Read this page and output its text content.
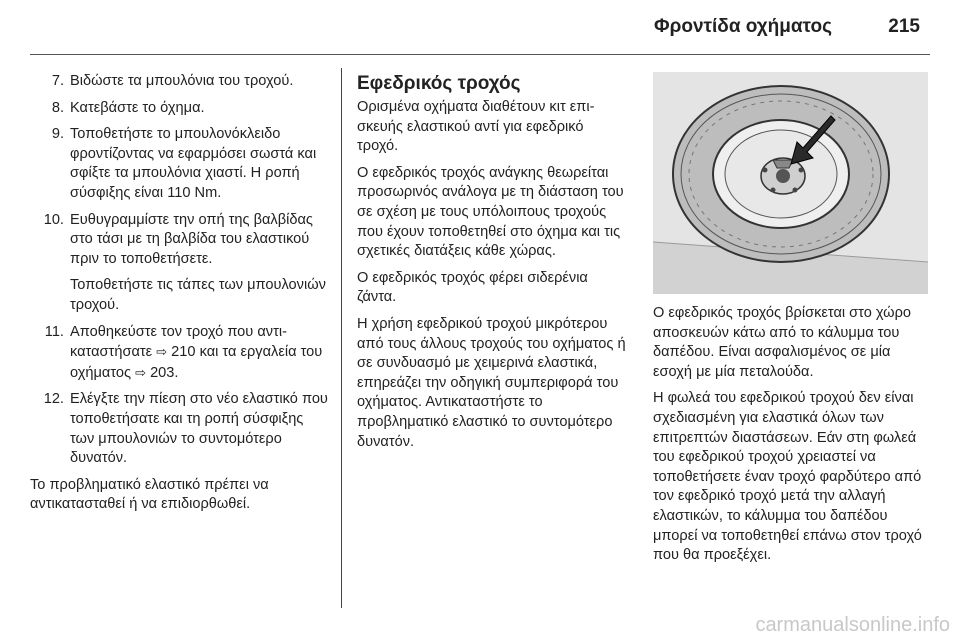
Φροντίδα οχήματος	215
7. Βιδώστε τα μπουλόνια του τροχού.
8. Κατεβάστε το όχημα.
9. Τοποθετήστε το μπουλονόκλειδο φροντίζοντας να εφαρμόσει σωστά και σφίξτε τα μπουλόνια χιαστί. Η ροπή σύσφιξης είναι 110 Nm.
10. Ευθυγραμμίστε την οπή της βαλβίδας στο τάσι με τη βαλβίδα του ελαστικού πριν το τοποθετήσετε.
Τοποθετήστε τις τάπες των μπουλονιών τροχού.
11. Αποθηκεύστε τον τροχό που αντικαταστήσατε ⇨ 210 και τα εργαλεία του οχήματος ⇨ 203.
12. Ελέγξτε την πίεση στο νέο ελαστικό που τοποθετήσατε και τη ροπή σύσφιξης των μπουλονιών το συντομότερο δυνατόν.
Το προβληματικό ελαστικό πρέπει να αντικατασταθεί ή να επιδιορθωθεί.
Εφεδρικός τροχός

Ορισμένα οχήματα διαθέτουν κιτ επισκευής ελαστικού αντί για εφεδρικό τροχό.

Ο εφεδρικός τροχός ανάγκης θεωρείται προσωρινός ανάλογα με τη διάσταση του σε σχέση με τους υπόλοιπους τροχούς που έχουν τοποθετηθεί στο όχημα και τις σχετικές διατάξεις κάθε χώρας.

Ο εφεδρικός τροχός φέρει σιδερένια ζάντα.

Η χρήση εφεδρικού τροχού μικρότερου από τους άλλους τροχούς του οχήματος ή σε συνδυασμό με χειμερινά ελαστικά, επηρεάζει την οδηγική συμπεριφορά του οχήματος. Αντικαταστήστε το προβληματικό ελαστικό το συντομότερο δυνατόν.

Ο εφεδρικός τροχός βρίσκεται στο χώρο αποσκευών κάτω από το κάλυμμα του δαπέδου. Είναι ασφαλισμένος σε μία εσοχή με μία πεταλούδα.

Η φωλεά του εφεδρικού τροχού δεν είναι σχεδιασμένη για ελαστικά όλων των επιτρεπτών διαστάσεων. Εάν στη φωλεά του εφεδρικού τροχού χρειαστεί να τοποθετήσετε έναν τροχό φαρδύτερο από τον εφεδρικό τροχό μετά την αλλαγή ελαστικών, το κάλυμμα του δαπέδου μπορεί να τοποθετηθεί επάνω στον τροχό που θα προεξέχει.

carmanualsonline.info
